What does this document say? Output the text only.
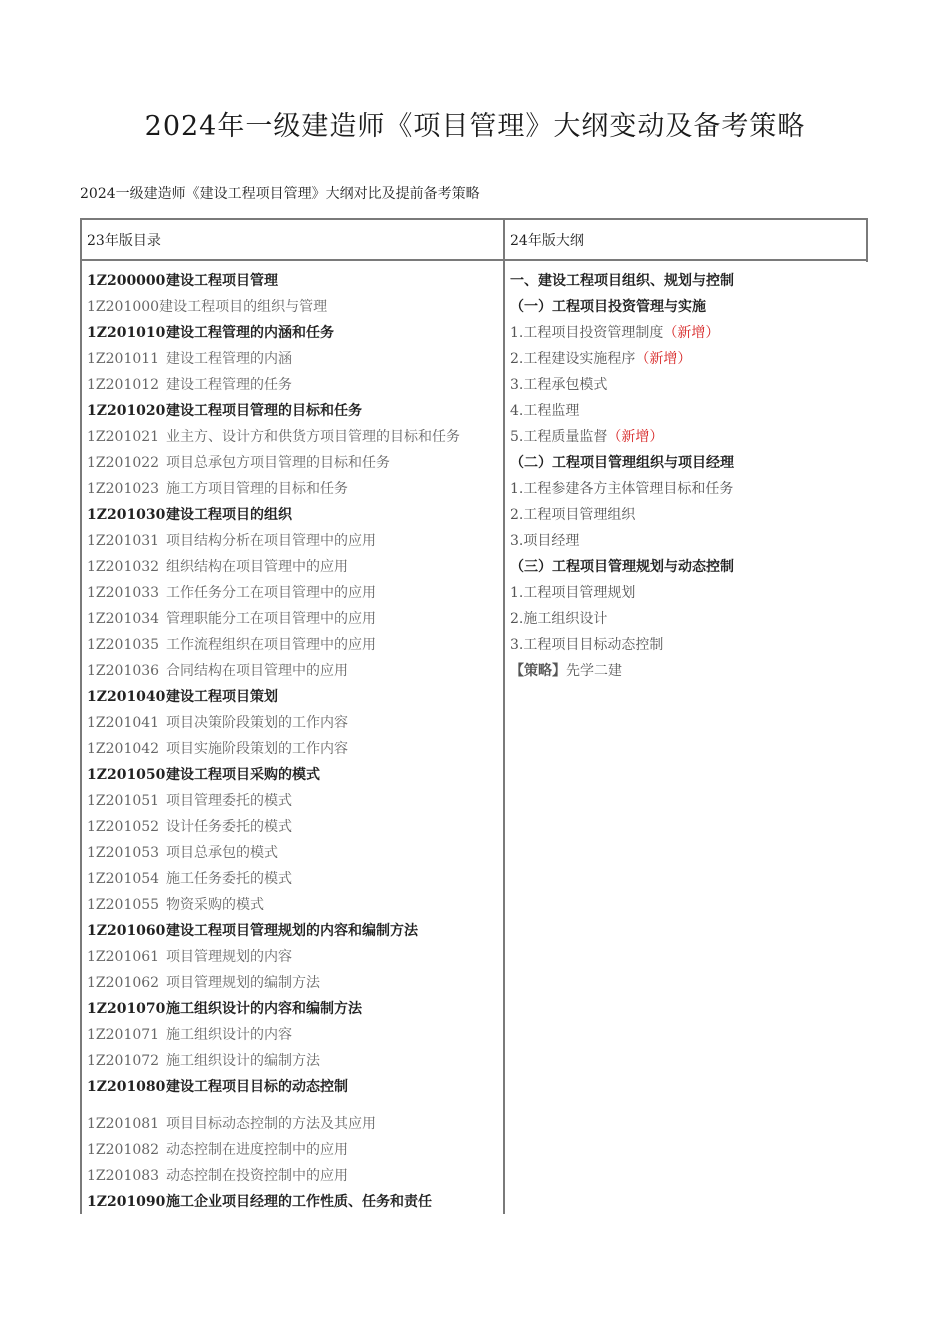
2024年一级建造师《项目管理》大纲变动及备考策略
2024一级建造师《建设工程项目管理》大纲对比及提前备考策略
23年版目录	24年版大纲
1Z200000建设工程项目管理
1Z201000建设工程项目的组织与管理
1Z201010建设工程管理的内涵和任务
1Z201011 建设工程管理的内涵
1Z201012 建设工程管理的任务
1Z201020建设工程项目管理的目标和任务
1Z201021 业主方、设计方和供货方项目管理的目标和任务
1Z201022 项目总承包方项目管理的目标和任务
1Z201023 施工方项目管理的目标和任务
1Z201030建设工程项目的组织
1Z201031 项目结构分析在项目管理中的应用
1Z201032 组织结构在项目管理中的应用
1Z201033 工作任务分工在项目管理中的应用
1Z201034 管理职能分工在项目管理中的应用
1Z201035 工作流程组织在项目管理中的应用
1Z201036 合同结构在项目管理中的应用
1Z201040建设工程项目策划
1Z201041 项目决策阶段策划的工作内容
1Z201042 项目实施阶段策划的工作内容
1Z201050建设工程项目采购的模式
1Z201051 项目管理委托的模式
1Z201052 设计任务委托的模式
1Z201053 项目总承包的模式
1Z201054 施工任务委托的模式
1Z201055 物资采购的模式
1Z201060建设工程项目管理规划的内容和编制方法
1Z201061 项目管理规划的内容
1Z201062 项目管理规划的编制方法
1Z201070施工组织设计的内容和编制方法
1Z201071 施工组织设计的内容
1Z201072 施工组织设计的编制方法
1Z201080建设工程项目目标的动态控制
1Z201081 项目目标动态控制的方法及其应用
1Z201082 动态控制在进度控制中的应用
1Z201083 动态控制在投资控制中的应用
1Z201090施工企业项目经理的工作性质、任务和责任
一、建设工程项目组织、规划与控制
（一）工程项目投资管理与实施
1.工程项目投资管理制度（新增）
2.工程建设实施程序（新增）
3.工程承包模式
4.工程监理
5.工程质量监督（新增）
（二）工程项目管理组织与项目经理
1.工程参建各方主体管理目标和任务
2.工程项目管理组织
3.项目经理
（三）工程项目管理规划与动态控制
1.工程项目管理规划
2.施工组织设计
3.工程项目目标动态控制
【策略】先学二建
